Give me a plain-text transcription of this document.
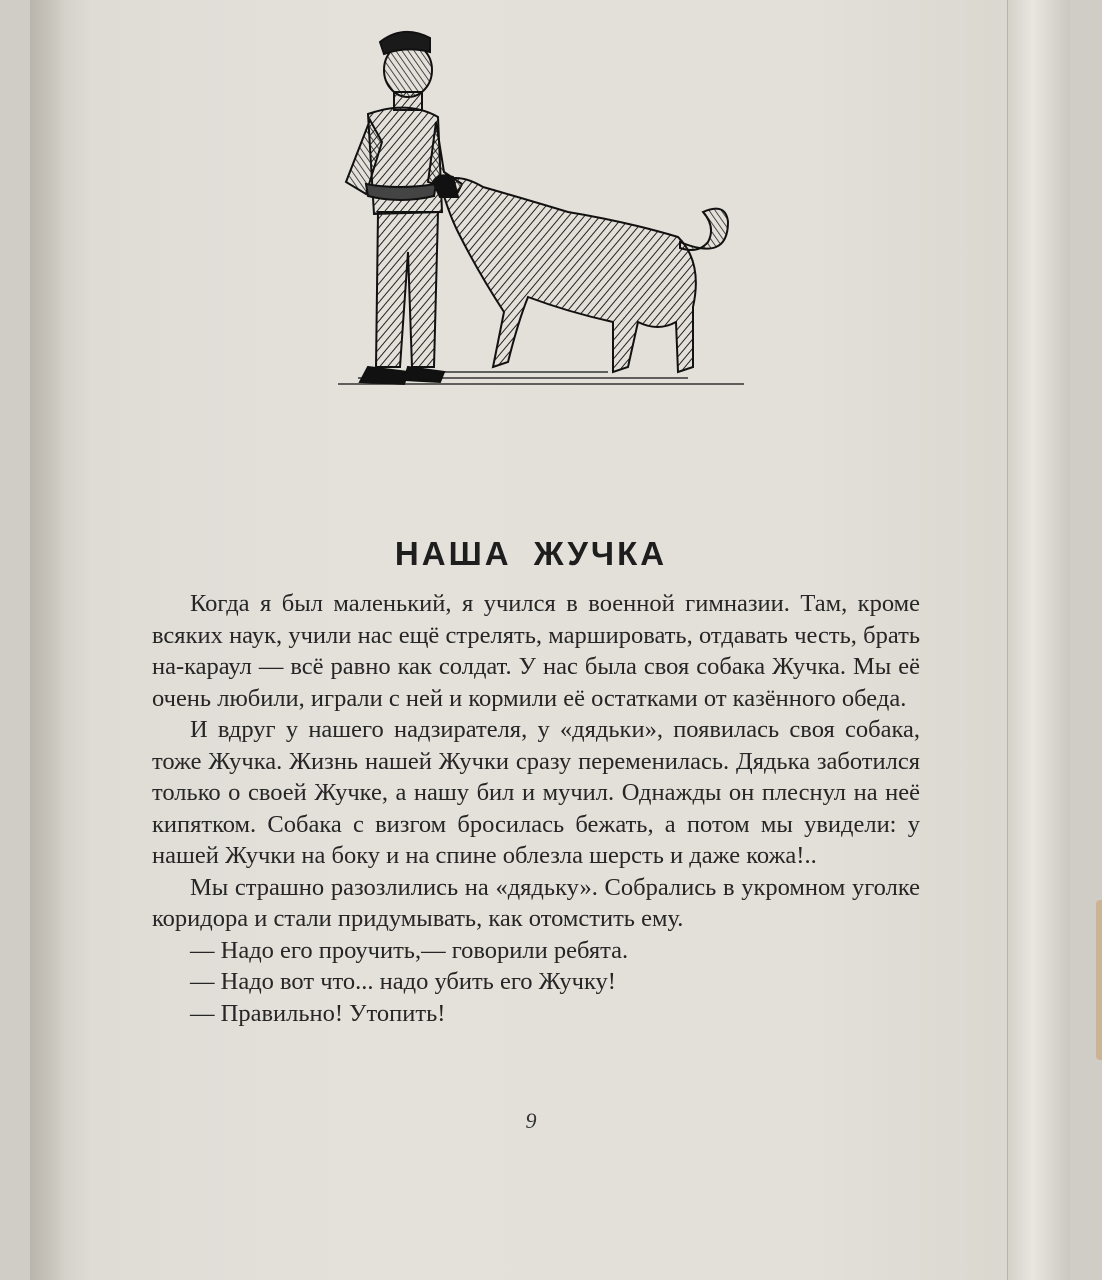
НАША ЖУЧКА

Когда я был маленький, я учился в военной гимназии. Там, кроме всяких наук, учили нас ещё стрелять, маршировать, отдавать честь, брать на-караул — всё равно как солдат. У нас была своя собака Жучка. Мы её очень любили, играли с ней и кормили её остатками от казённого обеда.

И вдруг у нашего надзирателя, у «дядьки», появилась своя собака, тоже Жучка. Жизнь нашей Жучки сразу переменилась. Дядька заботился только о своей Жучке, а нашу бил и мучил. Однажды он плеснул на неё кипятком. Собака с визгом бросилась бежать, а потом мы увидели: у нашей Жучки на боку и на спине облезла шерсть и даже кожа!..

Мы страшно разозлились на «дядьку». Собрались в укромном уголке коридора и стали придумывать, как отомстить ему.

— Надо его проучить,— говорили ребята.

— Надо вот что... надо убить его Жучку!

— Правильно! Утопить!

9
